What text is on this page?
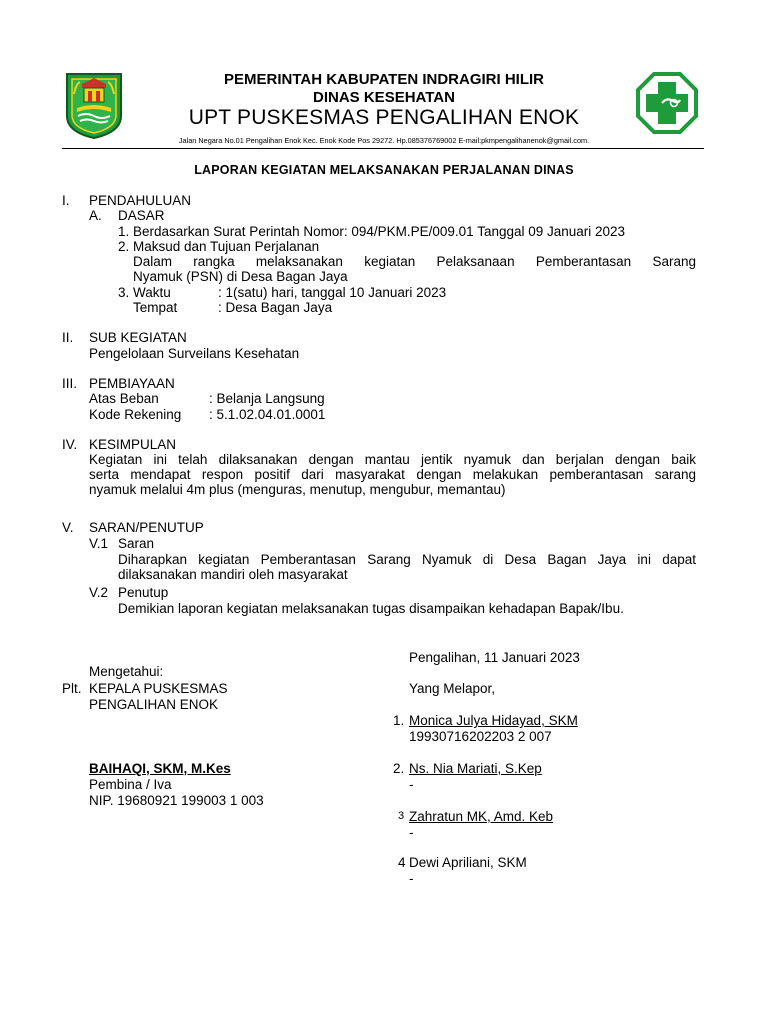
PEMERINTAH KABUPATEN INDRAGIRI HILIR
DINAS KESEHATAN
UPT PUSKESMAS PENGALIHAN ENOK
Jalan Negara No.01 Pengalihan Enok Kec. Enok Kode Pos 29272. Hp.085376769002 E-mail:pkmpengalihanenok@gmail.com.
LAPORAN KEGIATAN MELAKSANAKAN PERJALANAN DINAS
I. PENDAHULUAN
A. DASAR
1. Berdasarkan Surat Perintah Nomor: 094/PKM.PE/009.01 Tanggal 09 Januari 2023
2. Maksud dan Tujuan Perjalanan
Dalam rangka melaksanakan kegiatan Pelaksanaan Pemberantasan Sarang
Nyamuk (PSN) di Desa Bagan Jaya
3. Waktu	: 1(satu) hari, tanggal 10 Januari 2023
Tempat	: Desa Bagan Jaya
II. SUB KEGIATAN
Pengelolaan Surveilans Kesehatan
III. PEMBIAYAAN
Atas Beban	: Belanja Langsung
Kode Rekening : 5.1.02.04.01.0001
IV. KESIMPULAN
Kegiatan ini telah dilaksanakan dengan mantau jentik nyamuk dan berjalan dengan baik
serta mendapat respon positif dari masyarakat dengan melakukan pemberantasan sarang
nyamuk melalui 4m plus (menguras, menutup, mengubur, memantau)
V. SARAN/PENUTUP
V.1 Saran
Diharapkan kegiatan Pemberantasan Sarang Nyamuk di Desa Bagan Jaya ini dapat
dilaksanakan mandiri oleh masyarakat
V.2 Penutup
Demikian laporan kegiatan melaksanakan tugas disampaikan kehadapan Bapak/Ibu.
Pengalihan, 11 Januari 2023
Mengetahui:
Plt. KEPALA PUSKESMAS	Yang Melapor,
PENGALIHAN ENOK
1. Monica Julya Hidayad, SKM
19930716202203 2 007
BAIHAQI, SKM, M.Kes	2. Ns. Nia Mariati, S.Kep
Pembina / Iva	-
NIP. 19680921 199003 1 003
3 Zahratun MK, Amd. Keb
-
4 Dewi Apriliani, SKM
-
